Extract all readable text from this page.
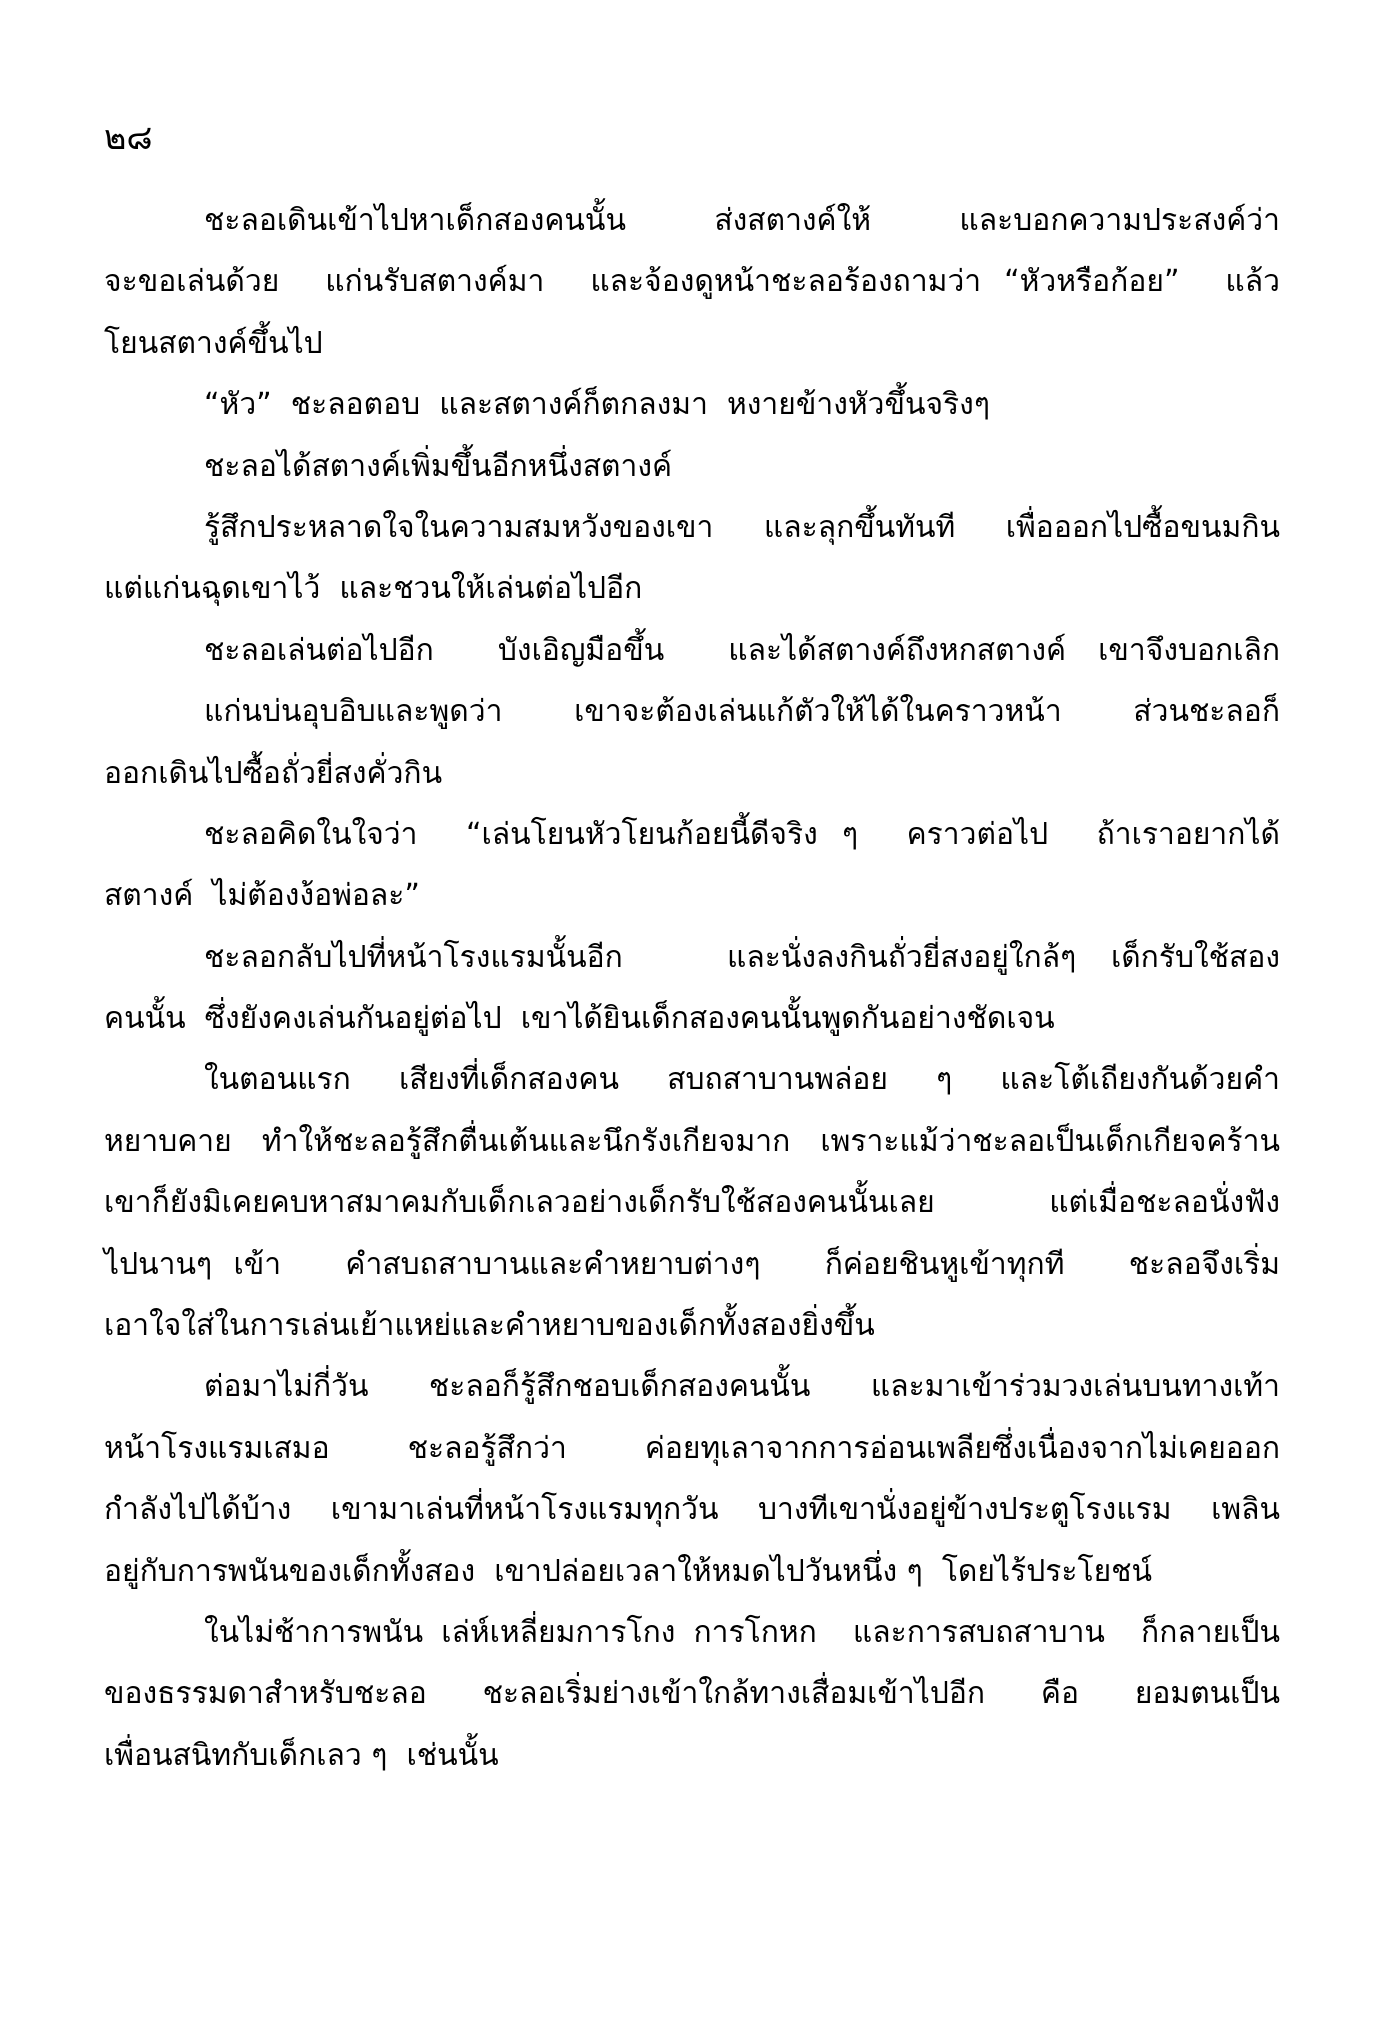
๒๘
ชะลอเดินเข้าไปหาเด็กสองคนนั้น   ส่งสตางค์ให้   และบอกความประสงค์ว่า
จะขอเล่นด้วย  แก่นรับสตางค์มา  และจ้องดูหน้าชะลอร้องถามว่า “หัวหรือก้อย”  แล้ว
โยนสตางค์ขึ้นไป
“หัว”  ชะลอตอบ  และสตางค์ก็ตกลงมา  หงายข้างหัวขึ้นจริงๆ
ชะลอได้สตางค์เพิ่มขึ้นอีกหนึ่งสตางค์
รู้สึกประหลาดใจในความสมหวังของเขา และลุกขึ้นทันที เพื่อออกไปซื้อขนมกิน
แต่แก่นฉุดเขาไว้  และชวนให้เล่นต่อไปอีก
ชะลอเล่นต่อไปอีก  บังเอิญมือขึ้น  และได้สตางค์ถึงหกสตางค์ เขาจึงบอกเลิก
แก่นบ่นอุบอิบและพูดว่า   เขาจะต้องเล่นแก้ตัวให้ได้ในคราวหน้า   ส่วนชะลอก็
ออกเดินไปซื้อถั่วยี่สงคั่วกิน
ชะลอคิดในใจว่า  “เล่นโยนหัวโยนก้อยนี้ดีจริง ๆ  คราวต่อไป  ถ้าเราอยากได้
สตางค์  ไม่ต้องง้อพ่อละ”
ชะลอกลับไปที่หน้าโรงแรมนั้นอีก   และนั่งลงกินถั่วยี่สงอยู่ใกล้ๆ เด็กรับใช้สอง
คนนั้น  ซึ่งยังคงเล่นกันอยู่ต่อไป  เขาได้ยินเด็กสองคนนั้นพูดกันอย่างชัดเจน
ในตอนแรก  เสียงที่เด็กสองคน  สบถสาบานพล่อย  ๆ  และโต้เถียงกันด้วยคำ
หยาบคาย ทำให้ชะลอรู้สึกตื่นเต้นและนึกรังเกียจมาก เพราะแม้ว่าชะลอเป็นเด็กเกียจคร้าน
เขาก็ยังมิเคยคบหาสมาคมกับเด็กเลวอย่างเด็กรับใช้สองคนนั้นเลย  แต่เมื่อชะลอนั่งฟัง
ไปนานๆ เข้า   คำสบถสาบานและคำหยาบต่างๆ   ก็ค่อยชินหูเข้าทุกที   ชะลอจึงเริ่ม
เอาใจใส่ในการเล่นเย้าแหย่และคำหยาบของเด็กทั้งสองยิ่งขึ้น
ต่อมาไม่กี่วัน  ชะลอก็รู้สึกชอบเด็กสองคนนั้น  และมาเข้าร่วมวงเล่นบนทางเท้า
หน้าโรงแรมเสมอ  ชะลอรู้สึกว่า  ค่อยทุเลาจากการอ่อนเพลียซึ่งเนื่องจากไม่เคยออก
กำลังไปได้บ้าง  เขามาเล่นที่หน้าโรงแรมทุกวัน  บางทีเขานั่งอยู่ข้างประตูโรงแรม  เพลิน
อยู่กับการพนันของเด็กทั้งสอง  เขาปล่อยเวลาให้หมดไปวันหนึ่ง ๆ  โดยไร้ประโยชน์
ในไม่ช้าการพนัน เล่ห์เหลี่ยมการโกง การโกหก  และการสบถสาบาน  ก็กลายเป็น
ของธรรมดาสำหรับชะลอ  ชะลอเริ่มย่างเข้าใกล้ทางเสื่อมเข้าไปอีก  คือ  ยอมตนเป็น
เพื่อนสนิทกับเด็กเลว ๆ  เช่นนั้น
